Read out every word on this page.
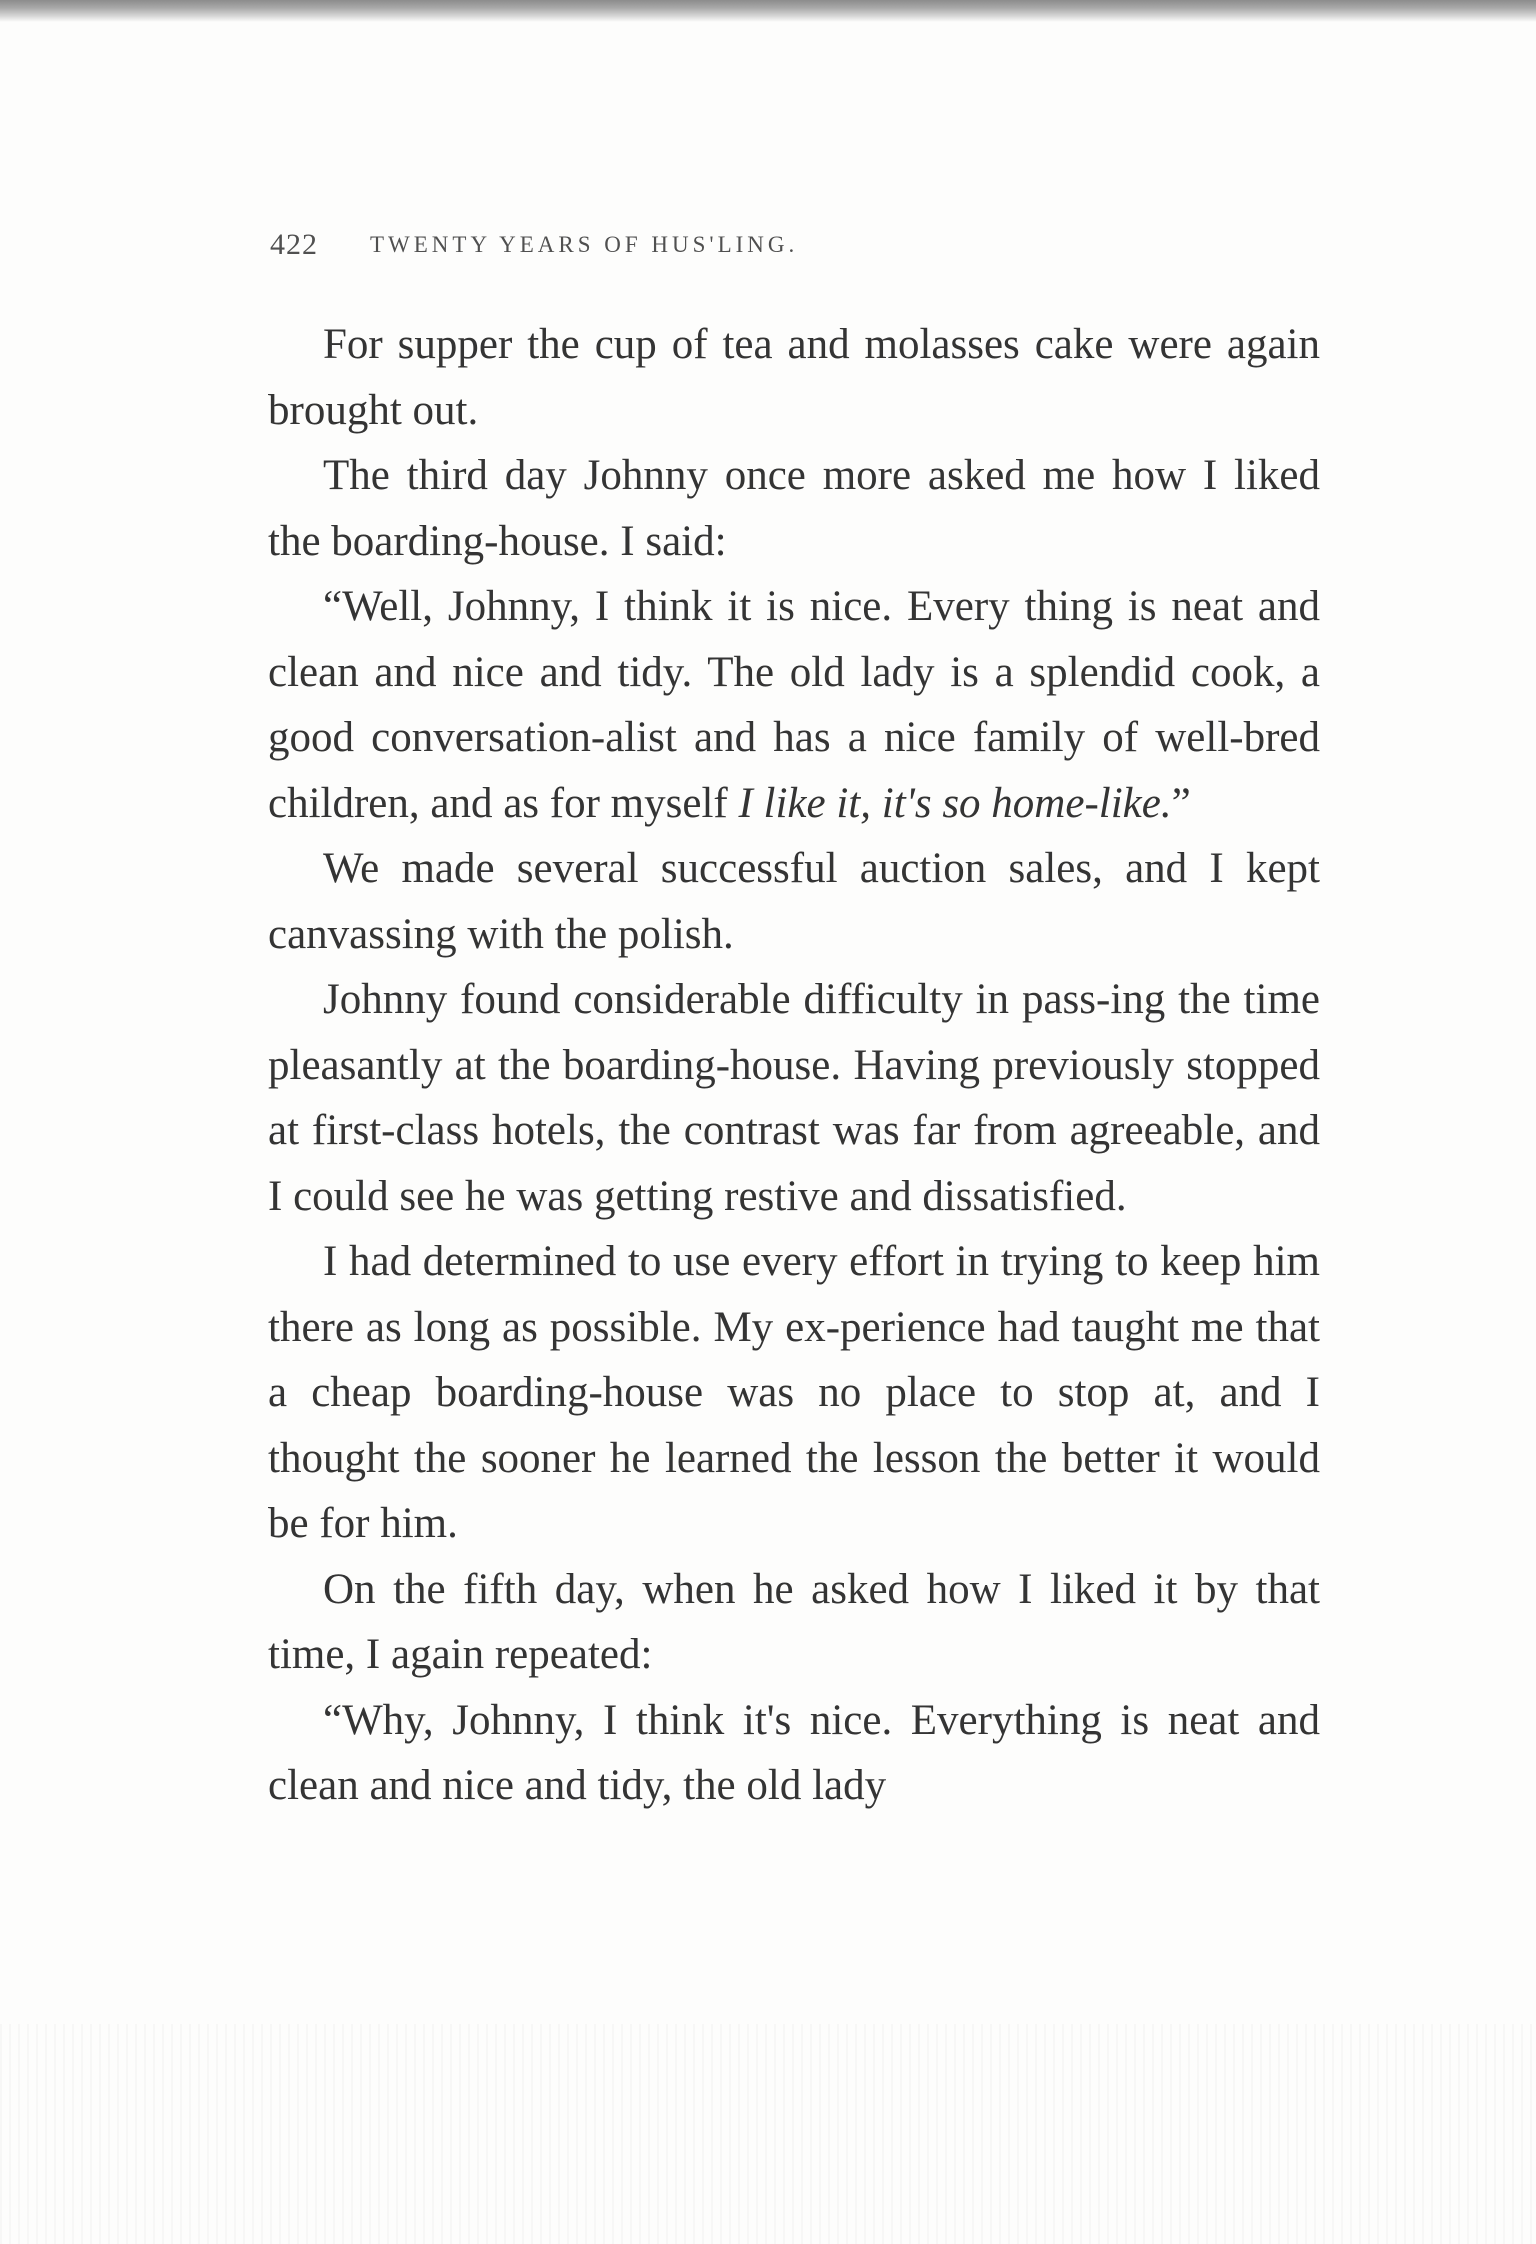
422 TWENTY YEARS OF HUS'LING.

For supper the cup of tea and molasses cake were again brought out.

The third day Johnny once more asked me how I liked the boarding-house. I said:

“Well, Johnny, I think it is nice. Every thing is neat and clean and nice and tidy. The old lady is a splendid cook, a good conversation-alist and has a nice family of well-bred children, and as for myself I like it, it's so home-like.”

We made several successful auction sales, and I kept canvassing with the polish.

Johnny found considerable difficulty in pass-ing the time pleasantly at the boarding-house. Having previously stopped at first-class hotels, the contrast was far from agreeable, and I could see he was getting restive and dissatisfied.

I had determined to use every effort in trying to keep him there as long as possible. My ex-perience had taught me that a cheap boarding-house was no place to stop at, and I thought the sooner he learned the lesson the better it would be for him.

On the fifth day, when he asked how I liked it by that time, I again repeated:

“Why, Johnny, I think it's nice. Everything is neat and clean and nice and tidy, the old lady
